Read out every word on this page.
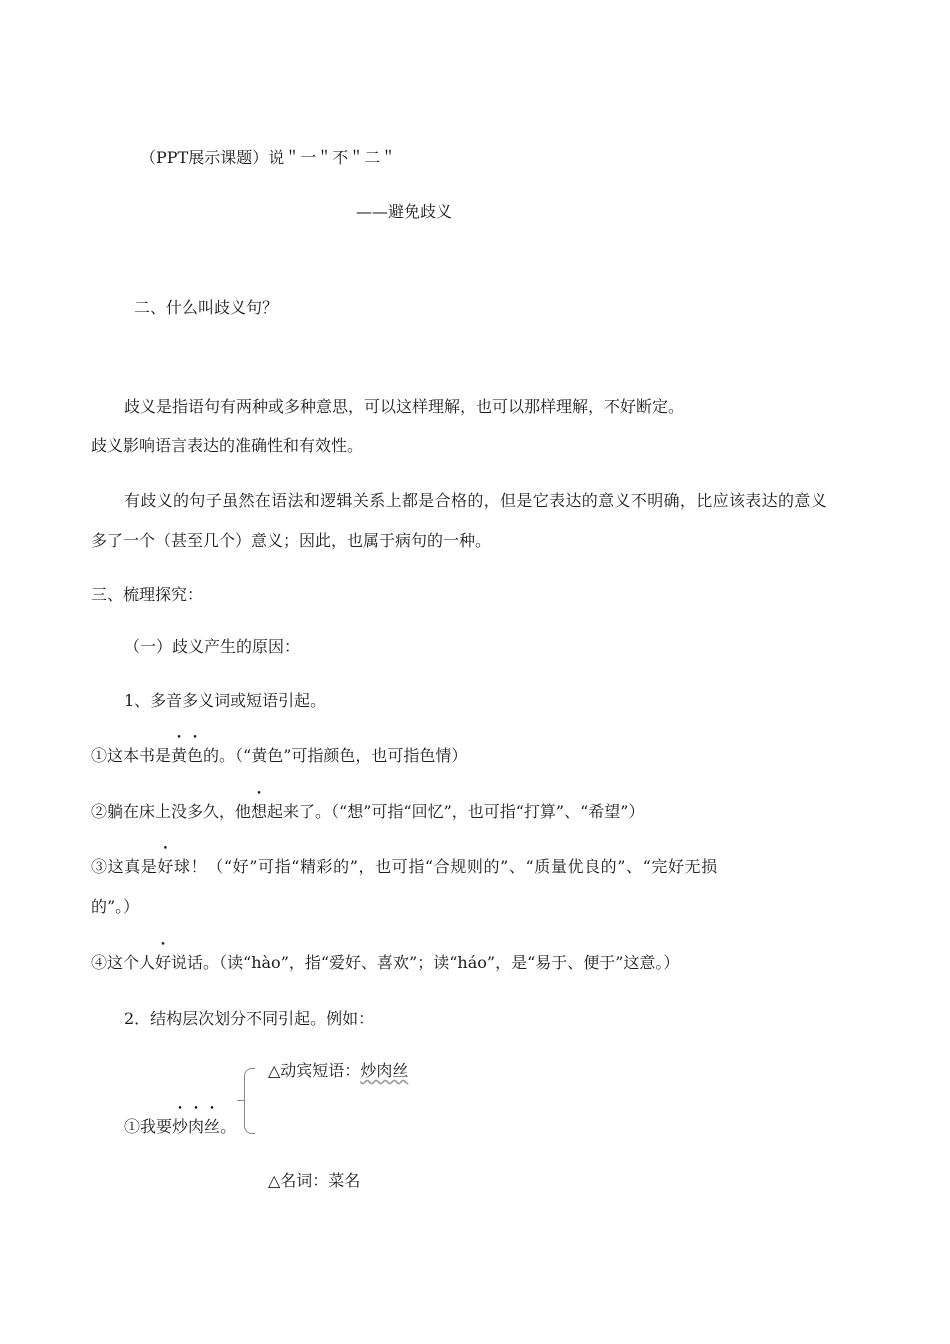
（PPT展示课题）说＂一＂不＂二＂
——避免歧义
二、什么叫歧义句？
歧义是指语句有两种或多种意思，可以这样理解，也可以那样理解，不好断定。
歧义影响语言表达的准确性和有效性。
有歧义的句子虽然在语法和逻辑关系上都是合格的，但是它表达的意义不明确，比应该表达的意义
多了一个（甚至几个）意义；因此，也属于病句的一种。
三、梳理探究：
（一）歧义产生的原因：
1、多音多义词或短语引起。
①这本书是黄色的。（“黄色”可指颜色，也可指色情）
②躺在床上没多久，他想起来了。（“想”可指“回忆”，也可指“打算”、“希望”）
③这真是好球！（“好”可指“精彩的”，也可指“合规则的”、“质量优良的”、“完好无损
的”。）
④这个人好说话。（读“hào”，指“爱好、喜欢”；读“háo”，是“易于、便于”这意。）
2．结构层次划分不同引起。例如：
△动宾短语：炒肉丝
①我要炒肉丝。
△名词：菜名
